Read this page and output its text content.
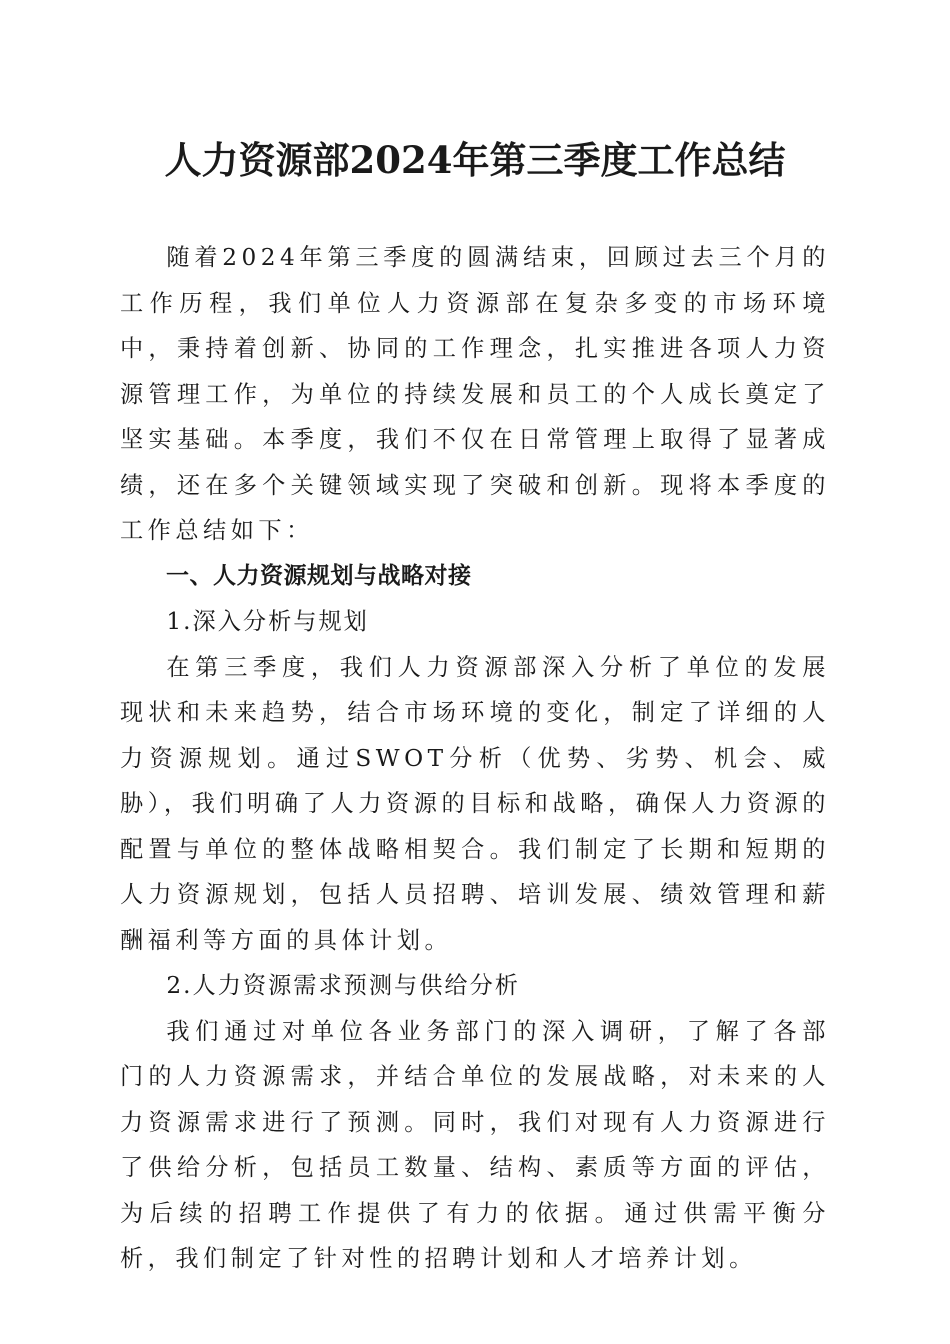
人力资源部2024年第三季度工作总结

随着2024年第三季度的圆满结束，回顾过去三个月的工作历程，我们单位人力资源部在复杂多变的市场环境中，秉持着创新、协同的工作理念，扎实推进各项人力资源管理工作，为单位的持续发展和员工的个人成长奠定了坚实基础。本季度，我们不仅在日常管理上取得了显著成绩，还在多个关键领域实现了突破和创新。现将本季度的工作总结如下：

一、人力资源规划与战略对接

1.深入分析与规划

在第三季度，我们人力资源部深入分析了单位的发展现状和未来趋势，结合市场环境的变化，制定了详细的人力资源规划。通过SWOT分析（优势、劣势、机会、威胁），我们明确了人力资源的目标和战略，确保人力资源的配置与单位的整体战略相契合。我们制定了长期和短期的人力资源规划，包括人员招聘、培训发展、绩效管理和薪酬福利等方面的具体计划。

2.人力资源需求预测与供给分析

我们通过对单位各业务部门的深入调研，了解了各部门的人力资源需求，并结合单位的发展战略，对未来的人力资源需求进行了预测。同时，我们对现有人力资源进行了供给分析，包括员工数量、结构、素质等方面的评估，为后续的招聘工作提供了有力的依据。通过供需平衡分析，我们制定了针对性的招聘计划和人才培养计划。
